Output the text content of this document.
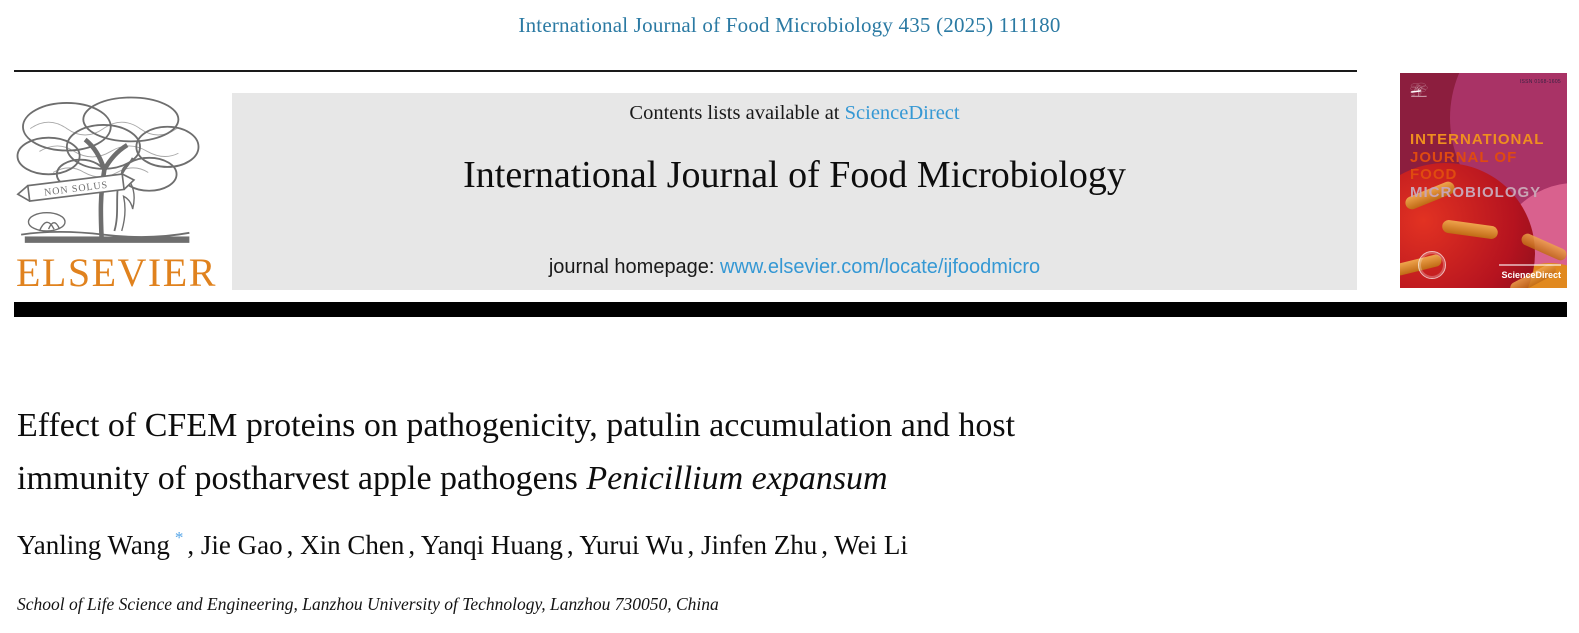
International Journal of Food Microbiology 435 (2025) 111180
ELSEVIER
Contents lists available at ScienceDirect
International Journal of Food Microbiology
journal homepage: www.elsevier.com/locate/ijfoodmicro
ISSN 0168-1605
INTERNATIONAL
JOURNAL OF FOOD
MICROBIOLOGY
ScienceDirect
Effect of CFEM proteins on pathogenicity, patulin accumulation and host
immunity of postharvest apple pathogens Penicillium expansum
Yanling Wang * , Jie Gao , Xin Chen , Yanqi Huang , Yurui Wu , Jinfen Zhu , Wei Li
School of Life Science and Engineering, Lanzhou University of Technology, Lanzhou 730050, China
